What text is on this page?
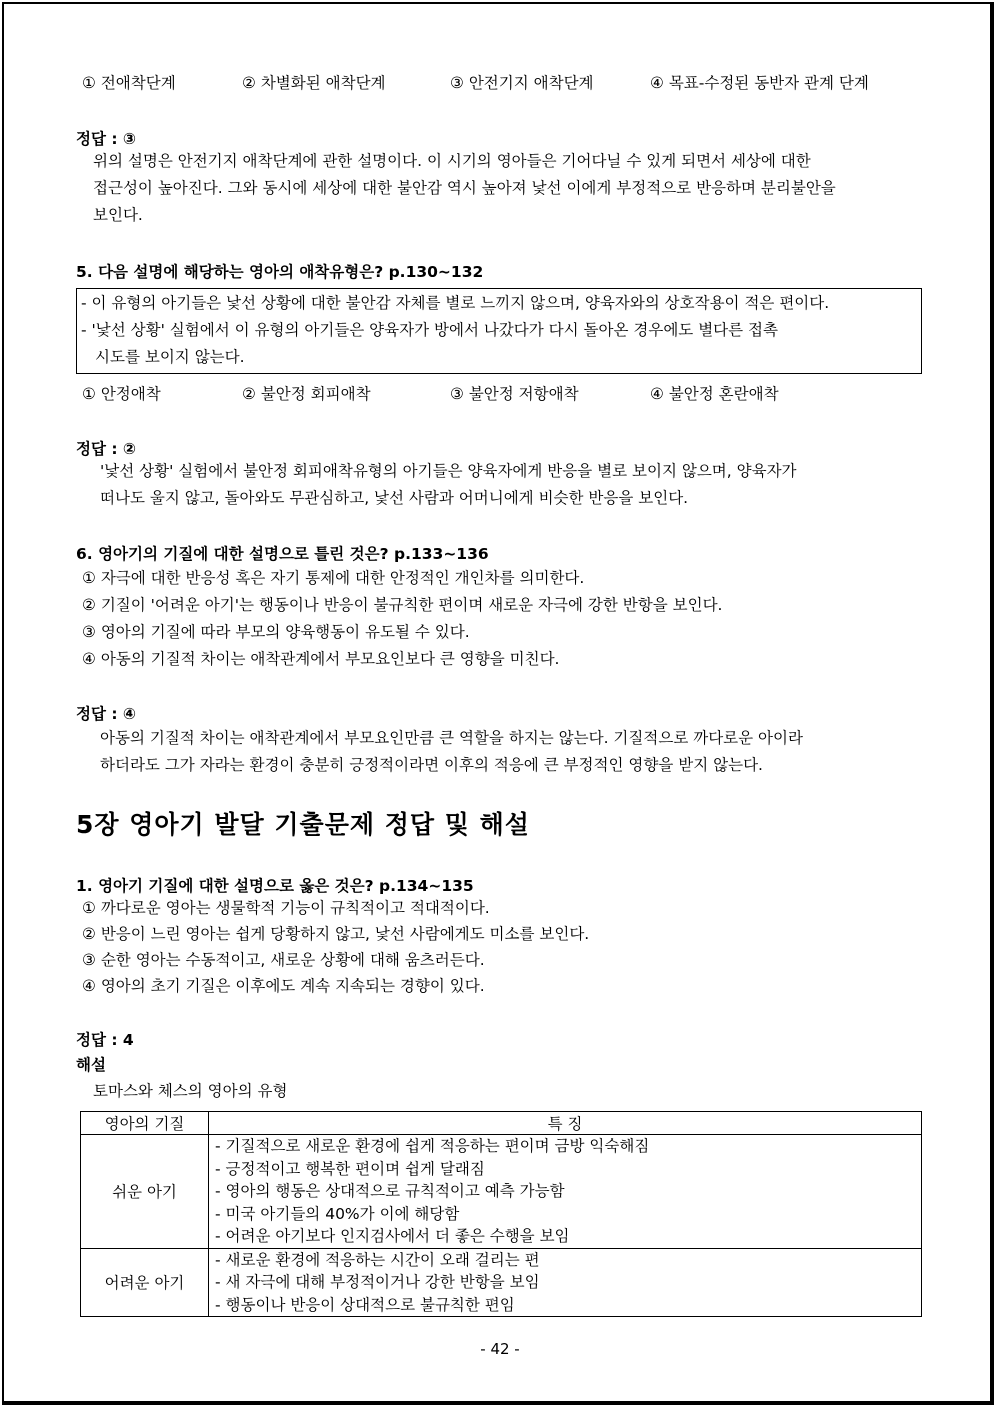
① 전애착단계	② 차별화된 애착단계	③ 안전기지 애착단계	④ 목표-수정된 동반자 관계 단계
정답 : ③
위의 설명은 안전기지 애착단계에 관한 설명이다. 이 시기의 영아들은 기어다닐 수 있게 되면서 세상에 대한
접근성이 높아진다. 그와 동시에 세상에 대한 불안감 역시 높아져 낯선 이에게 부정적으로 반응하며 분리불안을
보인다.
5. 다음 설명에 해당하는 영아의 애착유형은? p.130~132
- 이 유형의 아기들은 낯선 상황에 대한 불안감 자체를 별로 느끼지 않으며, 양육자와의 상호작용이 적은 편이다.
- '낯선 상황' 실험에서 이 유형의 아기들은 양육자가 방에서 나갔다가 다시 돌아온 경우에도 별다른 접촉
시도를 보이지 않는다.
① 안정애착	② 불안정 회피애착	③ 불안정 저항애착	④ 불안정 혼란애착
정답 : ②
'낯선 상황' 실험에서 불안정 회피애착유형의 아기들은 양육자에게 반응을 별로 보이지 않으며, 양육자가
떠나도 울지 않고, 돌아와도 무관심하고, 낯선 사람과 어머니에게 비슷한 반응을 보인다.
6. 영아기의 기질에 대한 설명으로 틀린 것은? p.133~136
① 자극에 대한 반응성 혹은 자기 통제에 대한 안정적인 개인차를 의미한다.
② 기질이 '어려운 아기'는 행동이나 반응이 불규칙한 편이며 새로운 자극에 강한 반항을 보인다.
③ 영아의 기질에 따라 부모의 양육행동이 유도될 수 있다.
④ 아동의 기질적 차이는 애착관계에서 부모요인보다 큰 영향을 미친다.
정답 : ④
아동의 기질적 차이는 애착관계에서 부모요인만큼 큰 역할을 하지는 않는다. 기질적으로 까다로운 아이라
하더라도 그가 자라는 환경이 충분히 긍정적이라면 이후의 적응에 큰 부정적인 영향을 받지 않는다.
5장 영아기 발달 기출문제 정답 및 해설
1. 영아기 기질에 대한 설명으로 옳은 것은? p.134~135
① 까다로운 영아는 생물학적 기능이 규칙적이고 적대적이다.
② 반응이 느린 영아는 쉽게 당황하지 않고, 낯선 사람에게도 미소를 보인다.
③ 순한 영아는 수동적이고, 새로운 상황에 대해 움츠러든다.
④ 영아의 초기 기질은 이후에도 계속 지속되는 경향이 있다.
정답 : 4
해설
토마스와 체스의 영아의 유형
영아의 기질	특 징
쉬운 아기	- 기질적으로 새로운 환경에 쉽게 적응하는 편이며 금방 익숙해짐
- 긍정적이고 행복한 편이며 쉽게 달래짐
- 영아의 행동은 상대적으로 규칙적이고 예측 가능함
- 미국 아기들의 40%가 이에 해당함
- 어려운 아기보다 인지검사에서 더 좋은 수행을 보임

어려운 아기	- 새로운 환경에 적응하는 시간이 오래 걸리는 편
- 새 자극에 대해 부정적이거나 강한 반항을 보임
- 행동이나 반응이 상대적으로 불규칙한 편임
- 42 -
